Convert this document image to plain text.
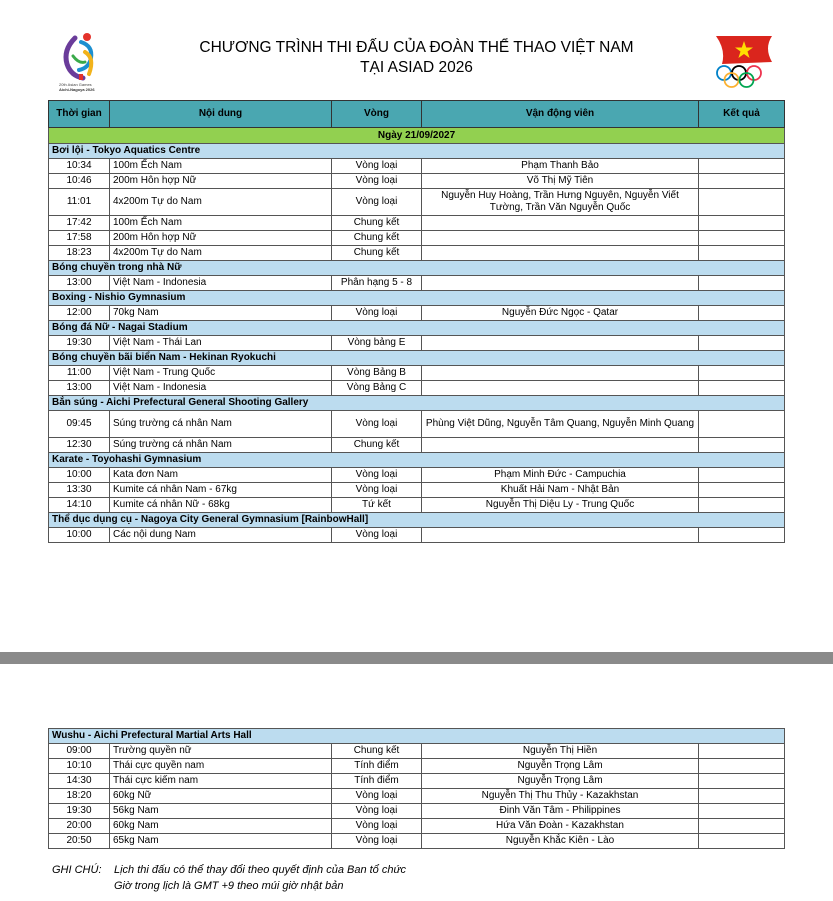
20th Asian Games
Aichi-Nagoya 2026
CHƯƠNG TRÌNH THI ĐẤU CỦA ĐOÀN THỂ THAO VIỆT NAM
TẠI ASIAD 2026
Thời gian	Nội dung	Vòng	Vận động viên	Kết quả
Ngày 21/09/2027				
Bơi lội - Tokyo Aquatics Centre				
10:34	100m Ếch Nam	Vòng loại	Phạm Thanh Bảo	
10:46	200m Hôn hợp Nữ	Vòng loại	Võ Thị Mỹ Tiên	
11:01	4x200m Tự do Nam	Vòng loại	Nguyễn Huy Hoàng, Trần Hưng Nguyên, Nguyễn Viết Tường, Trần Văn Nguyễn Quốc	
17:42	100m Ếch Nam	Chung kết		
17:58	200m Hôn hợp Nữ	Chung kết		
18:23	4x200m Tự do Nam	Chung kết		
Bóng chuyền trong nhà Nữ				
13:00	Việt Nam - Indonesia	Phân hạng 5 - 8		
Boxing - Nishio Gymnasium				
12:00	70kg Nam	Vòng loại	Nguyễn Đức Ngọc - Qatar	
Bóng đá Nữ - Nagai Stadium				
19:30	Việt Nam - Thái Lan	Vòng bảng E		
Bóng chuyền bãi biển Nam - Hekinan Ryokuchi				
11:00	Việt Nam - Trung Quốc	Vòng Bảng B		
13:00	Việt Nam - Indonesia	Vòng Bảng C		
Bắn súng - Aichi Prefectural General Shooting Gallery				
09:45	Súng trường cá nhân Nam	Vòng loại	Phùng Việt Dũng, Nguyễn Tâm Quang, Nguyễn Minh Quang	
12:30	Súng trường cá nhân Nam	Chung kết		
Karate - Toyohashi Gymnasium				
10:00	Kata đơn Nam	Vòng loại	Phạm Minh Đức - Campuchia	
13:30	Kumite cá nhân Nam - 67kg	Vòng loại	Khuất Hải Nam - Nhật Bản	
14:10	Kumite cá nhân Nữ - 68kg	Tứ kết	Nguyễn Thị Diệu Ly - Trung Quốc	
Thể dục dụng cụ - Nagoya City General Gymnasium [RainbowHall]				
10:00	Các nội dung Nam	Vòng loại		
Wushu - Aichi Prefectural Martial Arts Hall				
09:00	Trường quyền nữ	Chung kết	Nguyễn Thị Hiền	
10:10	Thái cực quyền nam	Tính điểm	Nguyễn Trọng Lâm	
14:30	Thái cực kiếm nam	Tính điểm	Nguyễn Trọng Lâm	
18:20	60kg Nữ	Vòng loại	Nguyễn Thị Thu Thủy - Kazakhstan	
19:30	56kg Nam	Vòng loại	Đinh Văn Tâm - Philippines	
20:00	60kg Nam	Vòng loại	Hứa Văn Đoàn - Kazakhstan	
20:50	65kg Nam	Vòng loại	Nguyễn Khắc Kiên - Lào	
GHI CHÚ: Lịch thi đấu có thể thay đổi theo quyết định của Ban tổ chức
Giờ trong lịch là GMT +9 theo múi giờ nhật bản
